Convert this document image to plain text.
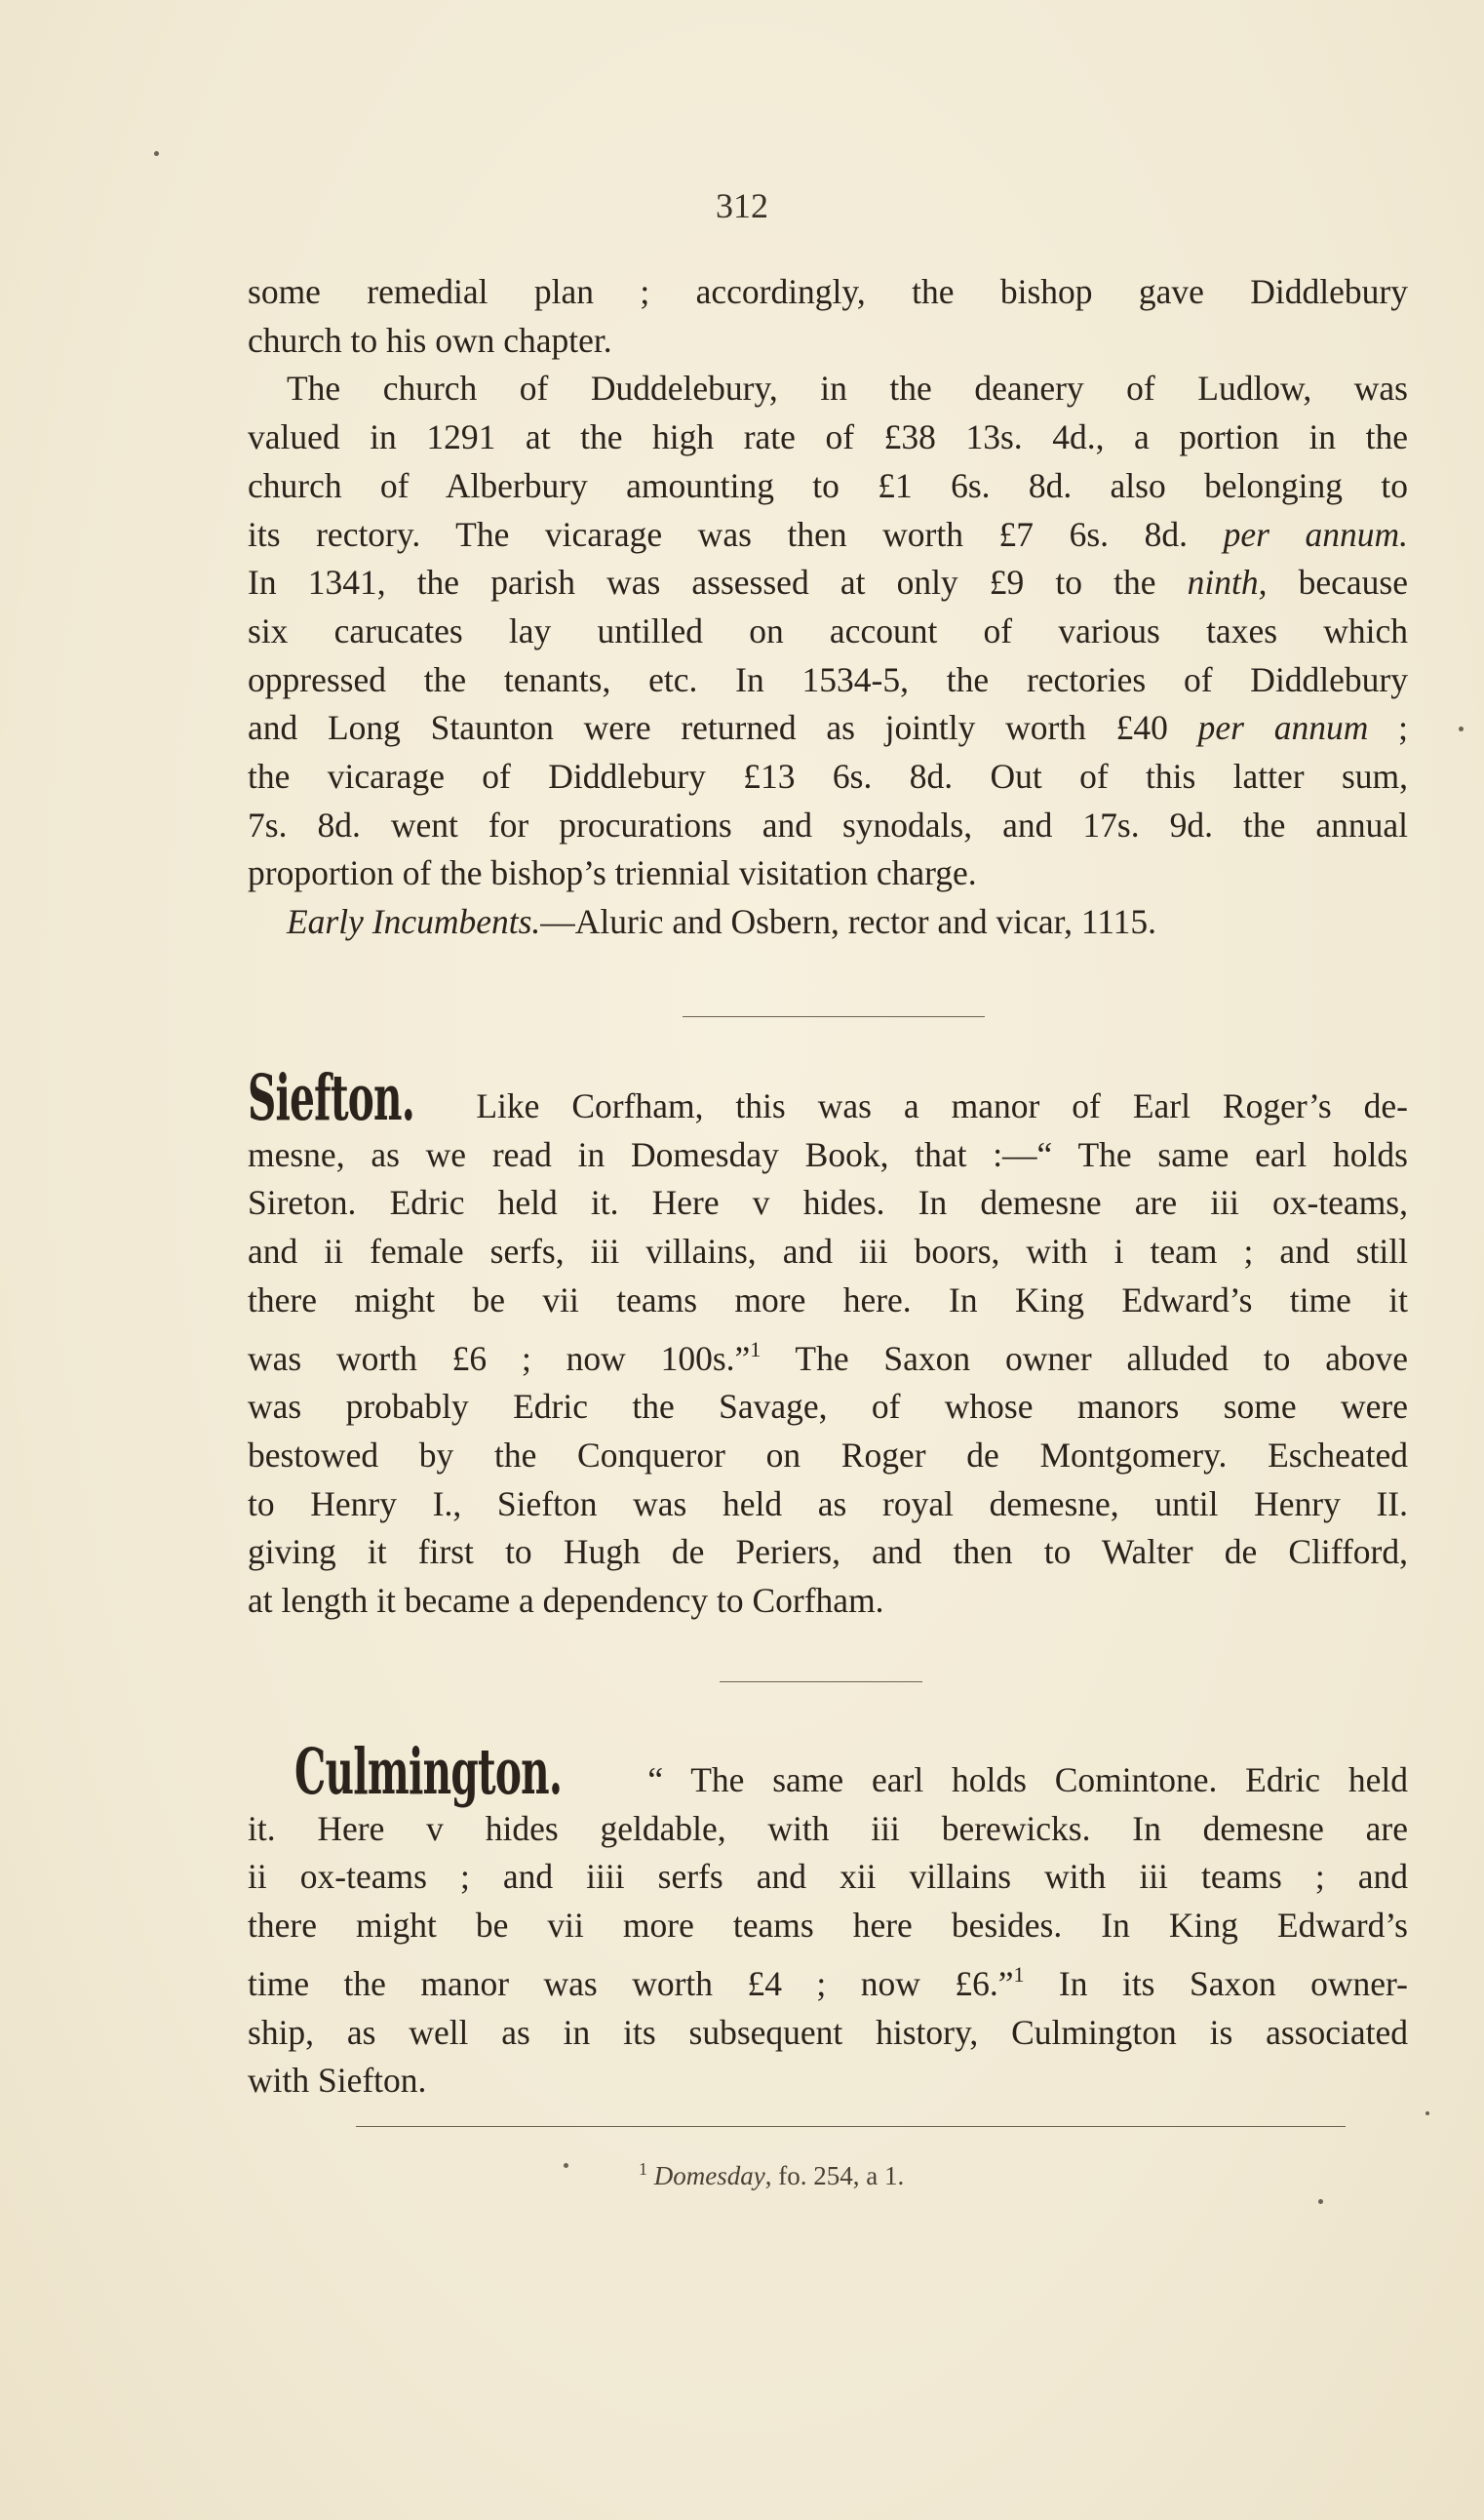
312
some remedial plan ; accordingly, the bishop gave Diddlebury
church to his own chapter.
The church of Duddelebury, in the deanery of Ludlow, was
valued in 1291 at the high rate of £38 13s. 4d., a portion in the
church of Alberbury amounting to £1 6s. 8d. also belonging to
its rectory. The vicarage was then worth £7 6s. 8d. per annum.
In 1341, the parish was assessed at only £9 to the ninth, because
six carucates lay untilled on account of various taxes which
oppressed the tenants, etc. In 1534-5, the rectories of Diddlebury
and Long Staunton were returned as jointly worth £40 per annum ;
the vicarage of Diddlebury £13 6s. 8d. Out of this latter sum,
7s. 8d. went for procurations and synodals, and 17s. 9d. the annual
proportion of the bishop’s triennial visitation charge.
Early Incumbents.—Aluric and Osbern, rector and vicar, 1115.
Siefton. Like Corfham, this was a manor of Earl Roger’s de-
mesne, as we read in Domesday Book, that :—“ The same earl holds
Sireton. Edric held it. Here v hides. In demesne are iii ox-teams,
and ii female serfs, iii villains, and iii boors, with i team ; and still
there might be vii teams more here. In King Edward’s time it
was worth £6 ; now 100s.”$^1$ The Saxon owner alluded to above
was probably Edric the Savage, of whose manors some were
bestowed by the Conqueror on Roger de Montgomery. Escheated
to Henry I., Siefton was held as royal demesne, until Henry II.
giving it first to Hugh de Periers, and then to Walter de Clifford,
at length it became a dependency to Corfham.
Culmington. “ The same earl holds Comintone. Edric held
it. Here v hides geldable, with iii berewicks. In demesne are
ii ox-teams ; and iiii serfs and xii villains with iii teams ; and
there might be vii more teams here besides. In King Edward’s
time the manor was worth £4 ; now £6.”$^1$ In its Saxon owner-
ship, as well as in its subsequent history, Culmington is associated
with Siefton.
$^1$ Domesday, fo. 254, a 1.
